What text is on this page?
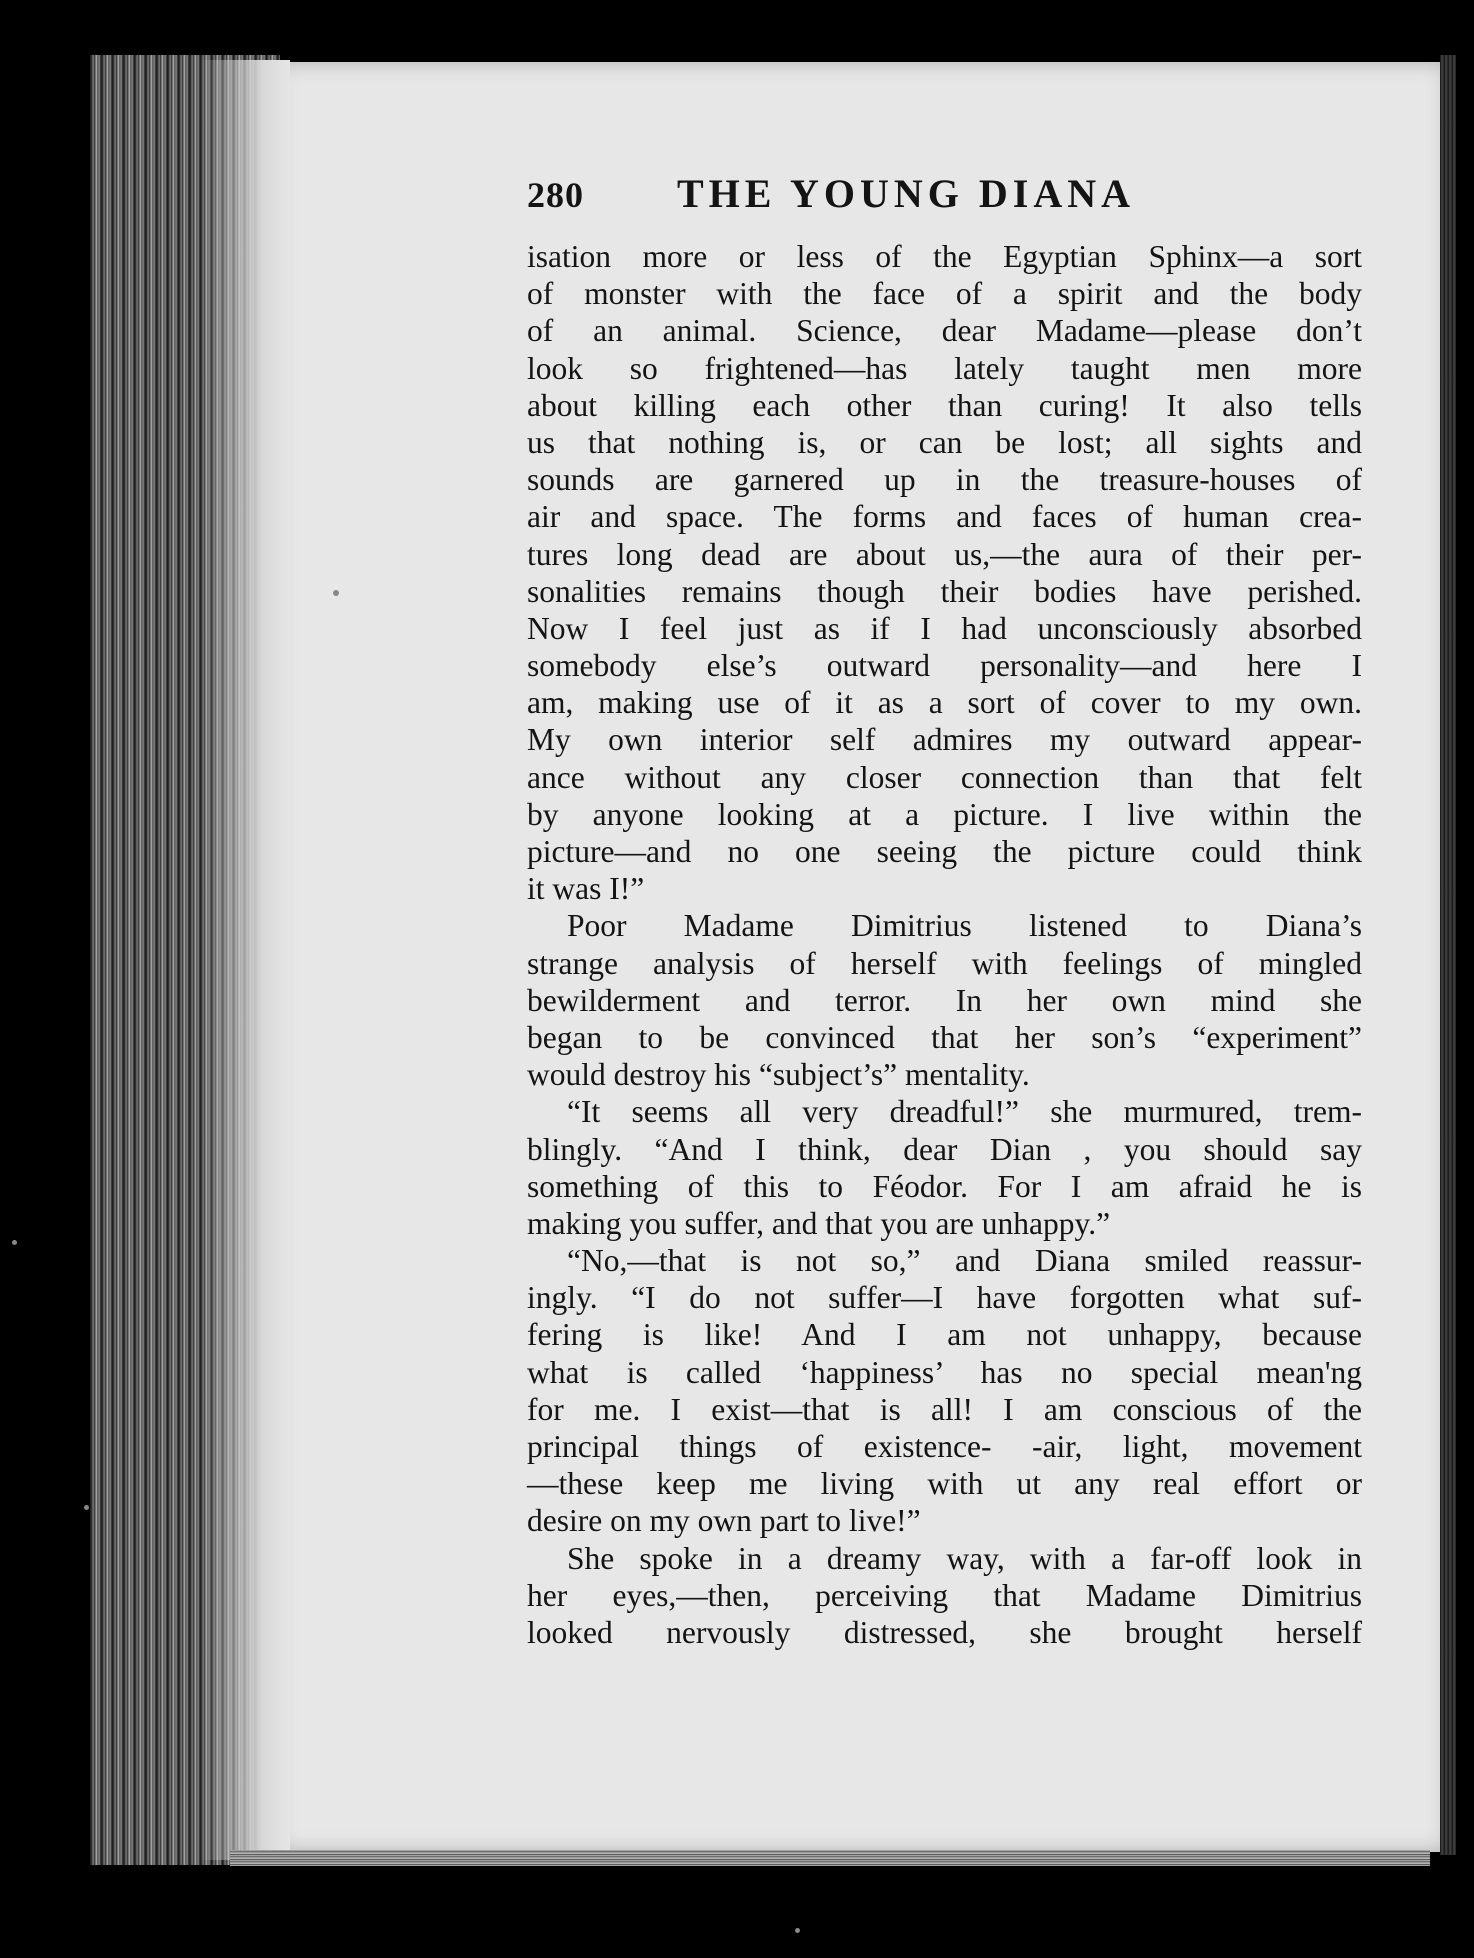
280	THE YOUNG DIANA
isation more or less of the Egyptian Sphinx—a sort
of monster with the face of a spirit and the body
of an animal. Science, dear Madame—please don’t
look so frightened—has lately taught men more
about killing each other than curing! It also tells
us that nothing is, or can be lost; all sights and
sounds are garnered up in the treasure-houses of
air and space. The forms and faces of human crea-
tures long dead are about us,—the aura of their per-
sonalities remains though their bodies have perished.
Now I feel just as if I had unconsciously absorbed
somebody else’s outward personality—and here I
am, making use of it as a sort of cover to my own.
My own interior self admires my outward appear-
ance without any closer connection than that felt
by anyone looking at a picture. I live within the
picture—and no one seeing the picture could think
it was I!”
Poor Madame Dimitrius listened to Diana’s
strange analysis of herself with feelings of mingled
bewilderment and terror. In her own mind she
began to be convinced that her son’s “experiment”
would destroy his “subject’s” mentality.
“It seems all very dreadful!” she murmured, trem-
blingly. “And I think, dear Dian , you should say
something of this to Féodor. For I am afraid he is
making you suffer, and that you are unhappy.”
“No,—that is not so,” and Diana smiled reassur-
ingly. “I do not suffer—I have forgotten what suf-
fering is like! And I am not unhappy, because
what is called ‘happiness’ has no special mean'ng
for me. I exist—that is all! I am conscious of the
principal things of existence- -air, light, movement
—these keep me living with ut any real effort or
desire on my own part to live!”
She spoke in a dreamy way, with a far-off look in
her eyes,—then, perceiving that Madame Dimitrius
looked nervously distressed, she brought herself
